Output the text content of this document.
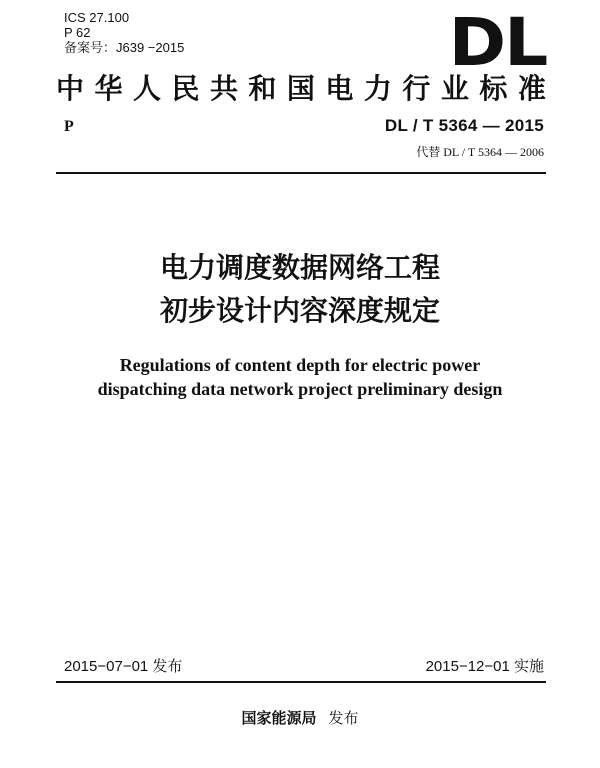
ICS 27.100
P 62
备案号：J639 −2015	DL
中 华 人 民 共 和 国 电 力 行 业 标 准
P	DL / T 5364 — 2015
代替 DL / T 5364 — 2006
电力调度数据网络工程
初步设计内容深度规定
Regulations of content depth for electric power
dispatching data network project preliminary design
2015−07−01 发布	2015−12−01 实施
国家能源局 发布
